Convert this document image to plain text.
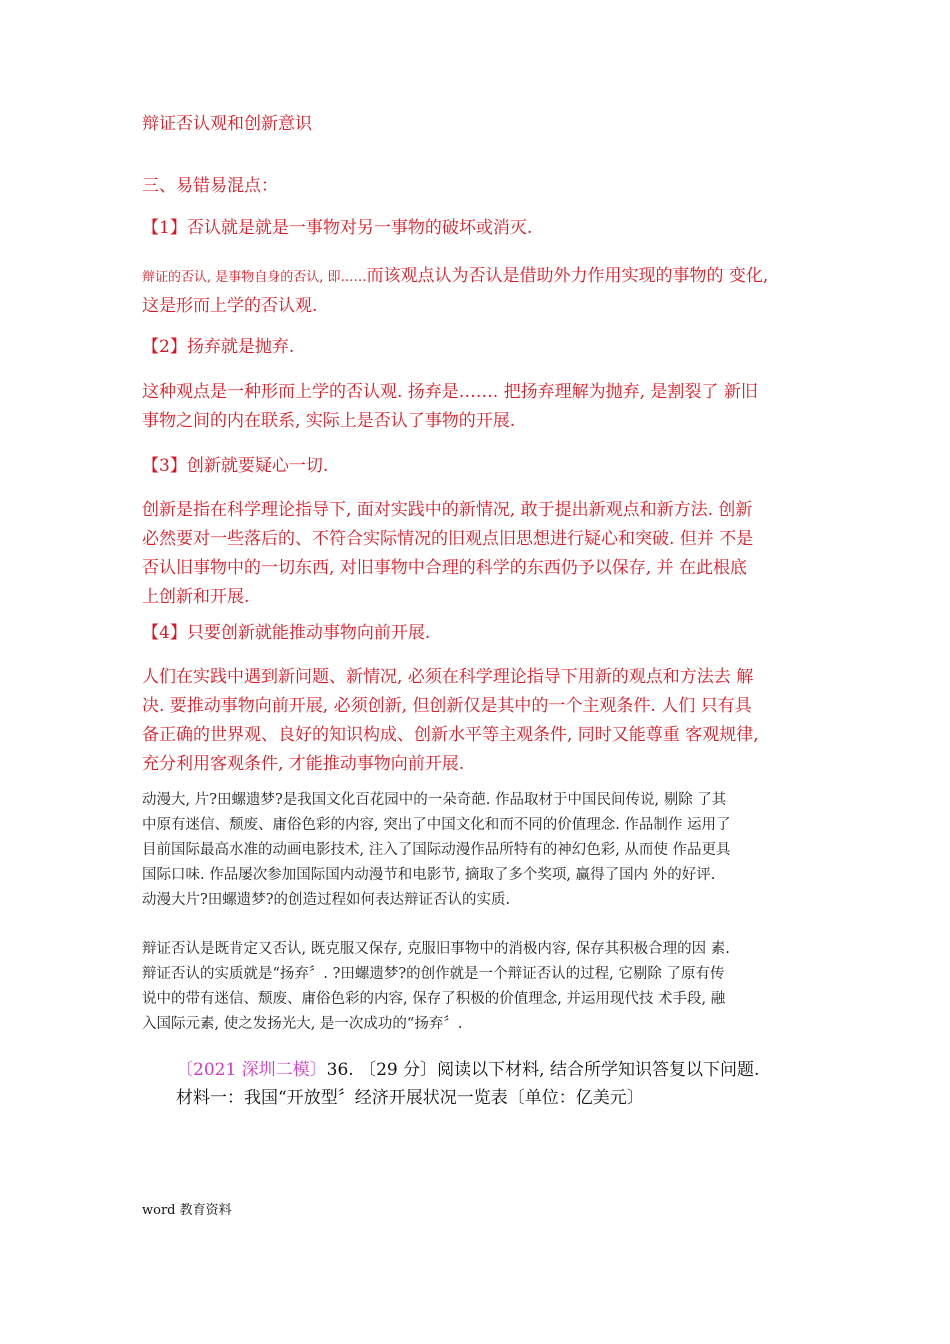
辩证否认观和创新意识
三、易错易混点：
【1】否认就是就是一事物对另一事物的破坏或消灭.
辩证的否认, 是事物自身的否认, 即……而该观点认为否认是借助外力作用实现的事物的 变化,
这是形而上学的否认观.
【2】扬弃就是抛弃.
这种观点是一种形而上学的否认观. 扬弃是……. 把扬弃理解为抛弃, 是割裂了 新旧
事物之间的内在联系, 实际上是否认了事物的开展.
【3】创新就要疑心一切.
创新是指在科学理论指导下, 面对实践中的新情况, 敢于提出新观点和新方法. 创新
必然要对一些落后的、不符合实际情况的旧观点旧思想进行疑心和突破. 但并 不是
否认旧事物中的一切东西, 对旧事物中合理的科学的东西仍予以保存, 并 在此根底
上创新和开展.
【4】只要创新就能推动事物向前开展.
人们在实践中遇到新问题、新情况, 必须在科学理论指导下用新的观点和方法去 解
决. 要推动事物向前开展, 必须创新, 但创新仅是其中的一个主观条件. 人们 只有具
备正确的世界观、良好的知识构成、创新水平等主观条件, 同时又能尊重 客观规律,
充分利用客观条件, 才能推动事物向前开展.
动漫大, 片?田螺遗梦?是我国文化百花园中的一朵奇葩. 作品取材于中国民间传说, 剔除 了其
中原有迷信、颓废、庸俗色彩的内容, 突出了中国文化和而不同的价值理念. 作品制作 运用了
目前国际最高水准的动画电影技术, 注入了国际动漫作品所特有的神幻色彩, 从而使 作品更具
国际口味. 作品屡次参加国际国内动漫节和电影节, 摘取了多个奖项, 赢得了国内 外的好评.
动漫大片?田螺遗梦?的创造过程如何表达辩证否认的实质.
辩证否认是既肯定又否认, 既克服又保存, 克服旧事物中的消极内容, 保存其积极合理的因 素.
辩证否认的实质就是“扬弃〞. ?田螺遗梦?的创作就是一个辩证否认的过程, 它剔除 了原有传
说中的带有迷信、颓废、庸俗色彩的内容, 保存了积极的价值理念, 并运用现代技 术手段, 融
入国际元素, 使之发扬光大, 是一次成功的“扬弃〞.
〔2021 深圳二模〕36. 〔29 分〕阅读以下材料, 结合所学知识答复以下问题.
材料一：我国“开放型〞经济开展状况一览表〔单位：亿美元〕
word 教育资料
